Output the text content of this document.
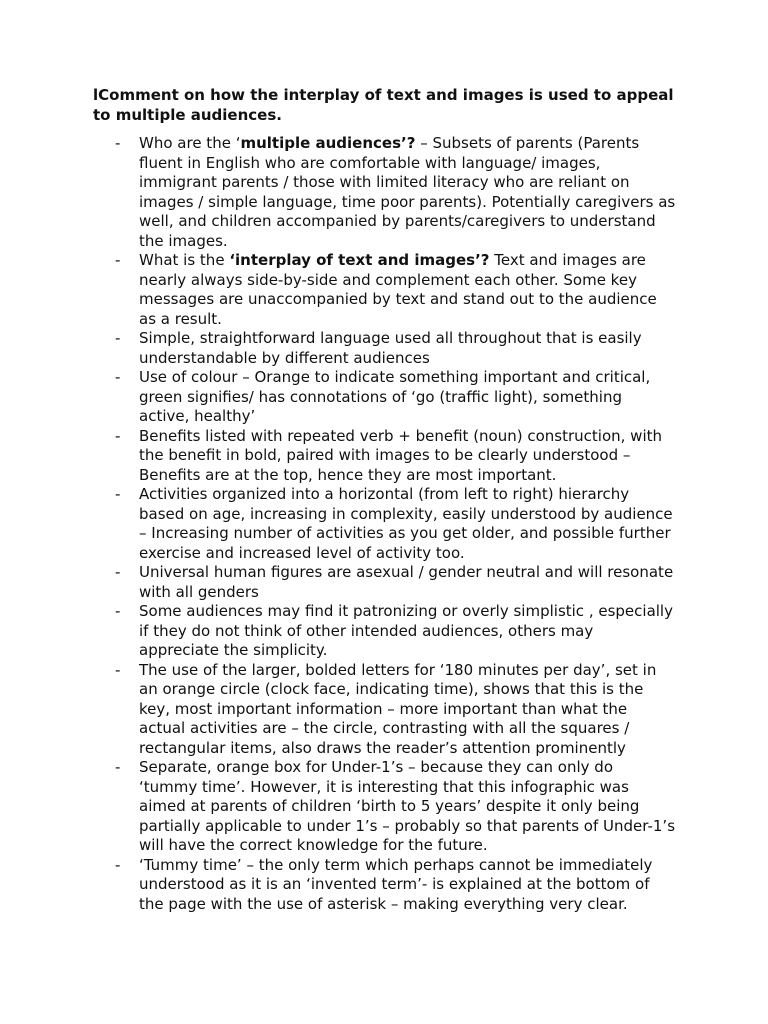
lComment on how the interplay of text and images is used to appeal to multiple audiences.

- Who are the ‘multiple audiences’? – Subsets of parents (Parents fluent in English who are comfortable with language/ images, immigrant parents / those with limited literacy who are reliant on images / simple language, time poor parents). Potentially caregivers as well, and children accompanied by parents/caregivers to understand the images.
- What is the ‘interplay of text and images’? Text and images are nearly always side-by-side and complement each other. Some key messages are unaccompanied by text and stand out to the audience as a result.
- Simple, straightforward language used all throughout that is easily understandable by different audiences
- Use of colour – Orange to indicate something important and critical, green signifies/ has connotations of ‘go (traffic light), something active, healthy’
- Benefits listed with repeated verb + benefit (noun) construction, with the benefit in bold, paired with images to be clearly understood – Benefits are at the top, hence they are most important.
- Activities organized into a horizontal (from left to right) hierarchy based on age, increasing in complexity, easily understood by audience – Increasing number of activities as you get older, and possible further exercise and increased level of activity too.
- Universal human figures are asexual / gender neutral and will resonate with all genders
- Some audiences may find it patronizing or overly simplistic , especially if they do not think of other intended audiences, others may appreciate the simplicity.
- The use of the larger, bolded letters for ‘180 minutes per day’, set in an orange circle (clock face, indicating time), shows that this is the key, most important information – more important than what the actual activities are – the circle, contrasting with all the squares / rectangular items, also draws the reader’s attention prominently
- Separate, orange box for Under-1’s – because they can only do ‘tummy time’. However, it is interesting that this infographic was aimed at parents of children ‘birth to 5 years’ despite it only being partially applicable to under 1’s – probably so that parents of Under-1’s will have the correct knowledge for the future.
- ‘Tummy time’ – the only term which perhaps cannot be immediately understood as it is an ‘invented term’- is explained at the bottom of the page with the use of asterisk – making everything very clear.
